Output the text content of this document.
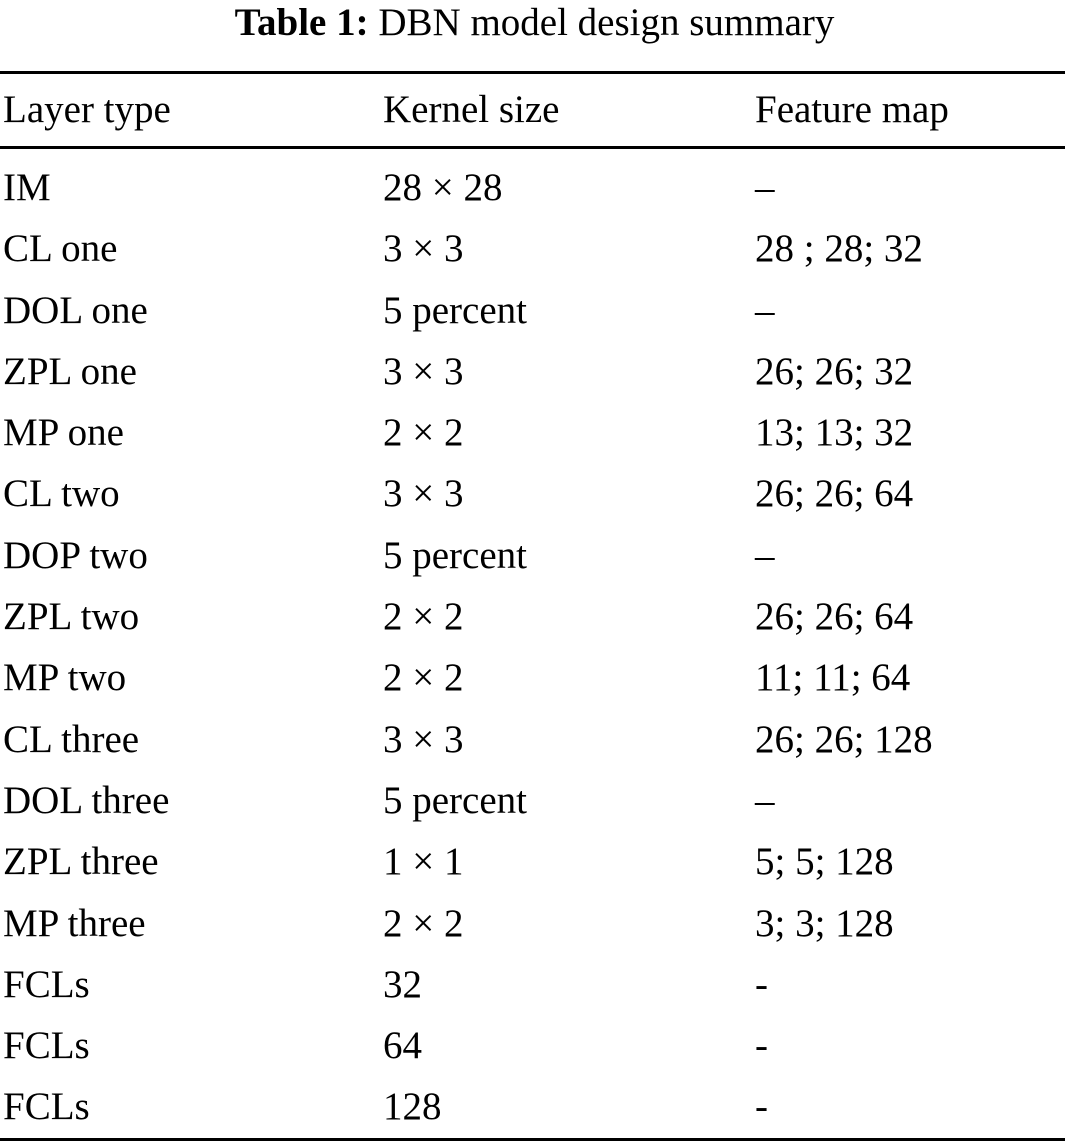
Table 1: DBN model design summary
Layer type	Kernel size	Feature map
IM	28 × 28	–
CL one	3 × 3	28 ; 28; 32
DOL one	5 percent	–
ZPL one	3 × 3	26; 26; 32
MP one	2 × 2	13; 13; 32
CL two	3 × 3	26; 26; 64
DOP two	5 percent	–
ZPL two	2 × 2	26; 26; 64
MP two	2 × 2	11; 11; 64
CL three	3 × 3	26; 26; 128
DOL three	5 percent	–
ZPL three	1 × 1	5; 5; 128
MP three	2 × 2	3; 3; 128
FCLs	32	-
FCLs	64	-
FCLs	128	-
